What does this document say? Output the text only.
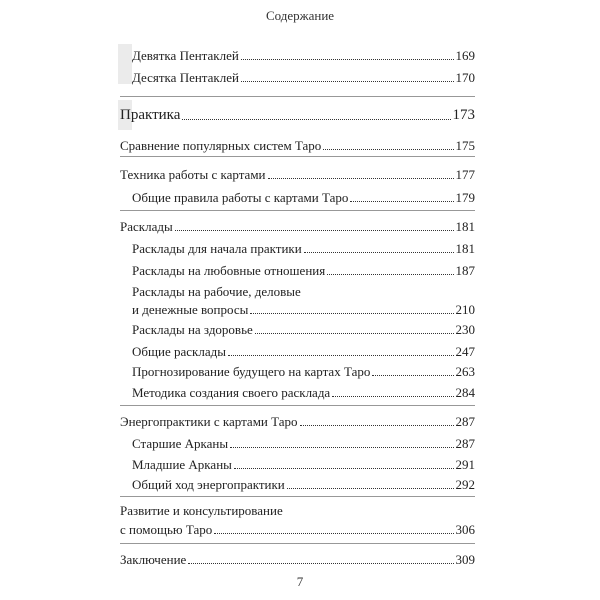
Содержание
Девятка Пентаклей	169
Десятка Пентаклей	170
Практика	173
Сравнение популярных систем Таро	175
Техника работы с картами	177
Общие правила работы с картами Таро	179
Расклады	181
Расклады для начала практики	181
Расклады на любовные отношения	187
Расклады на рабочие, деловые
и денежные вопросы	210
Расклады на здоровье	230
Общие расклады	247
Прогнозирование будущего на картах Таро	263
Методика создания своего расклада	284
Энергопрактики с картами Таро	287
Старшие Арканы	287
Младшие Арканы	291
Общий ход энергопрактики	292
Развитие и консультирование
с помощью Таро	306
Заключение	309
7
